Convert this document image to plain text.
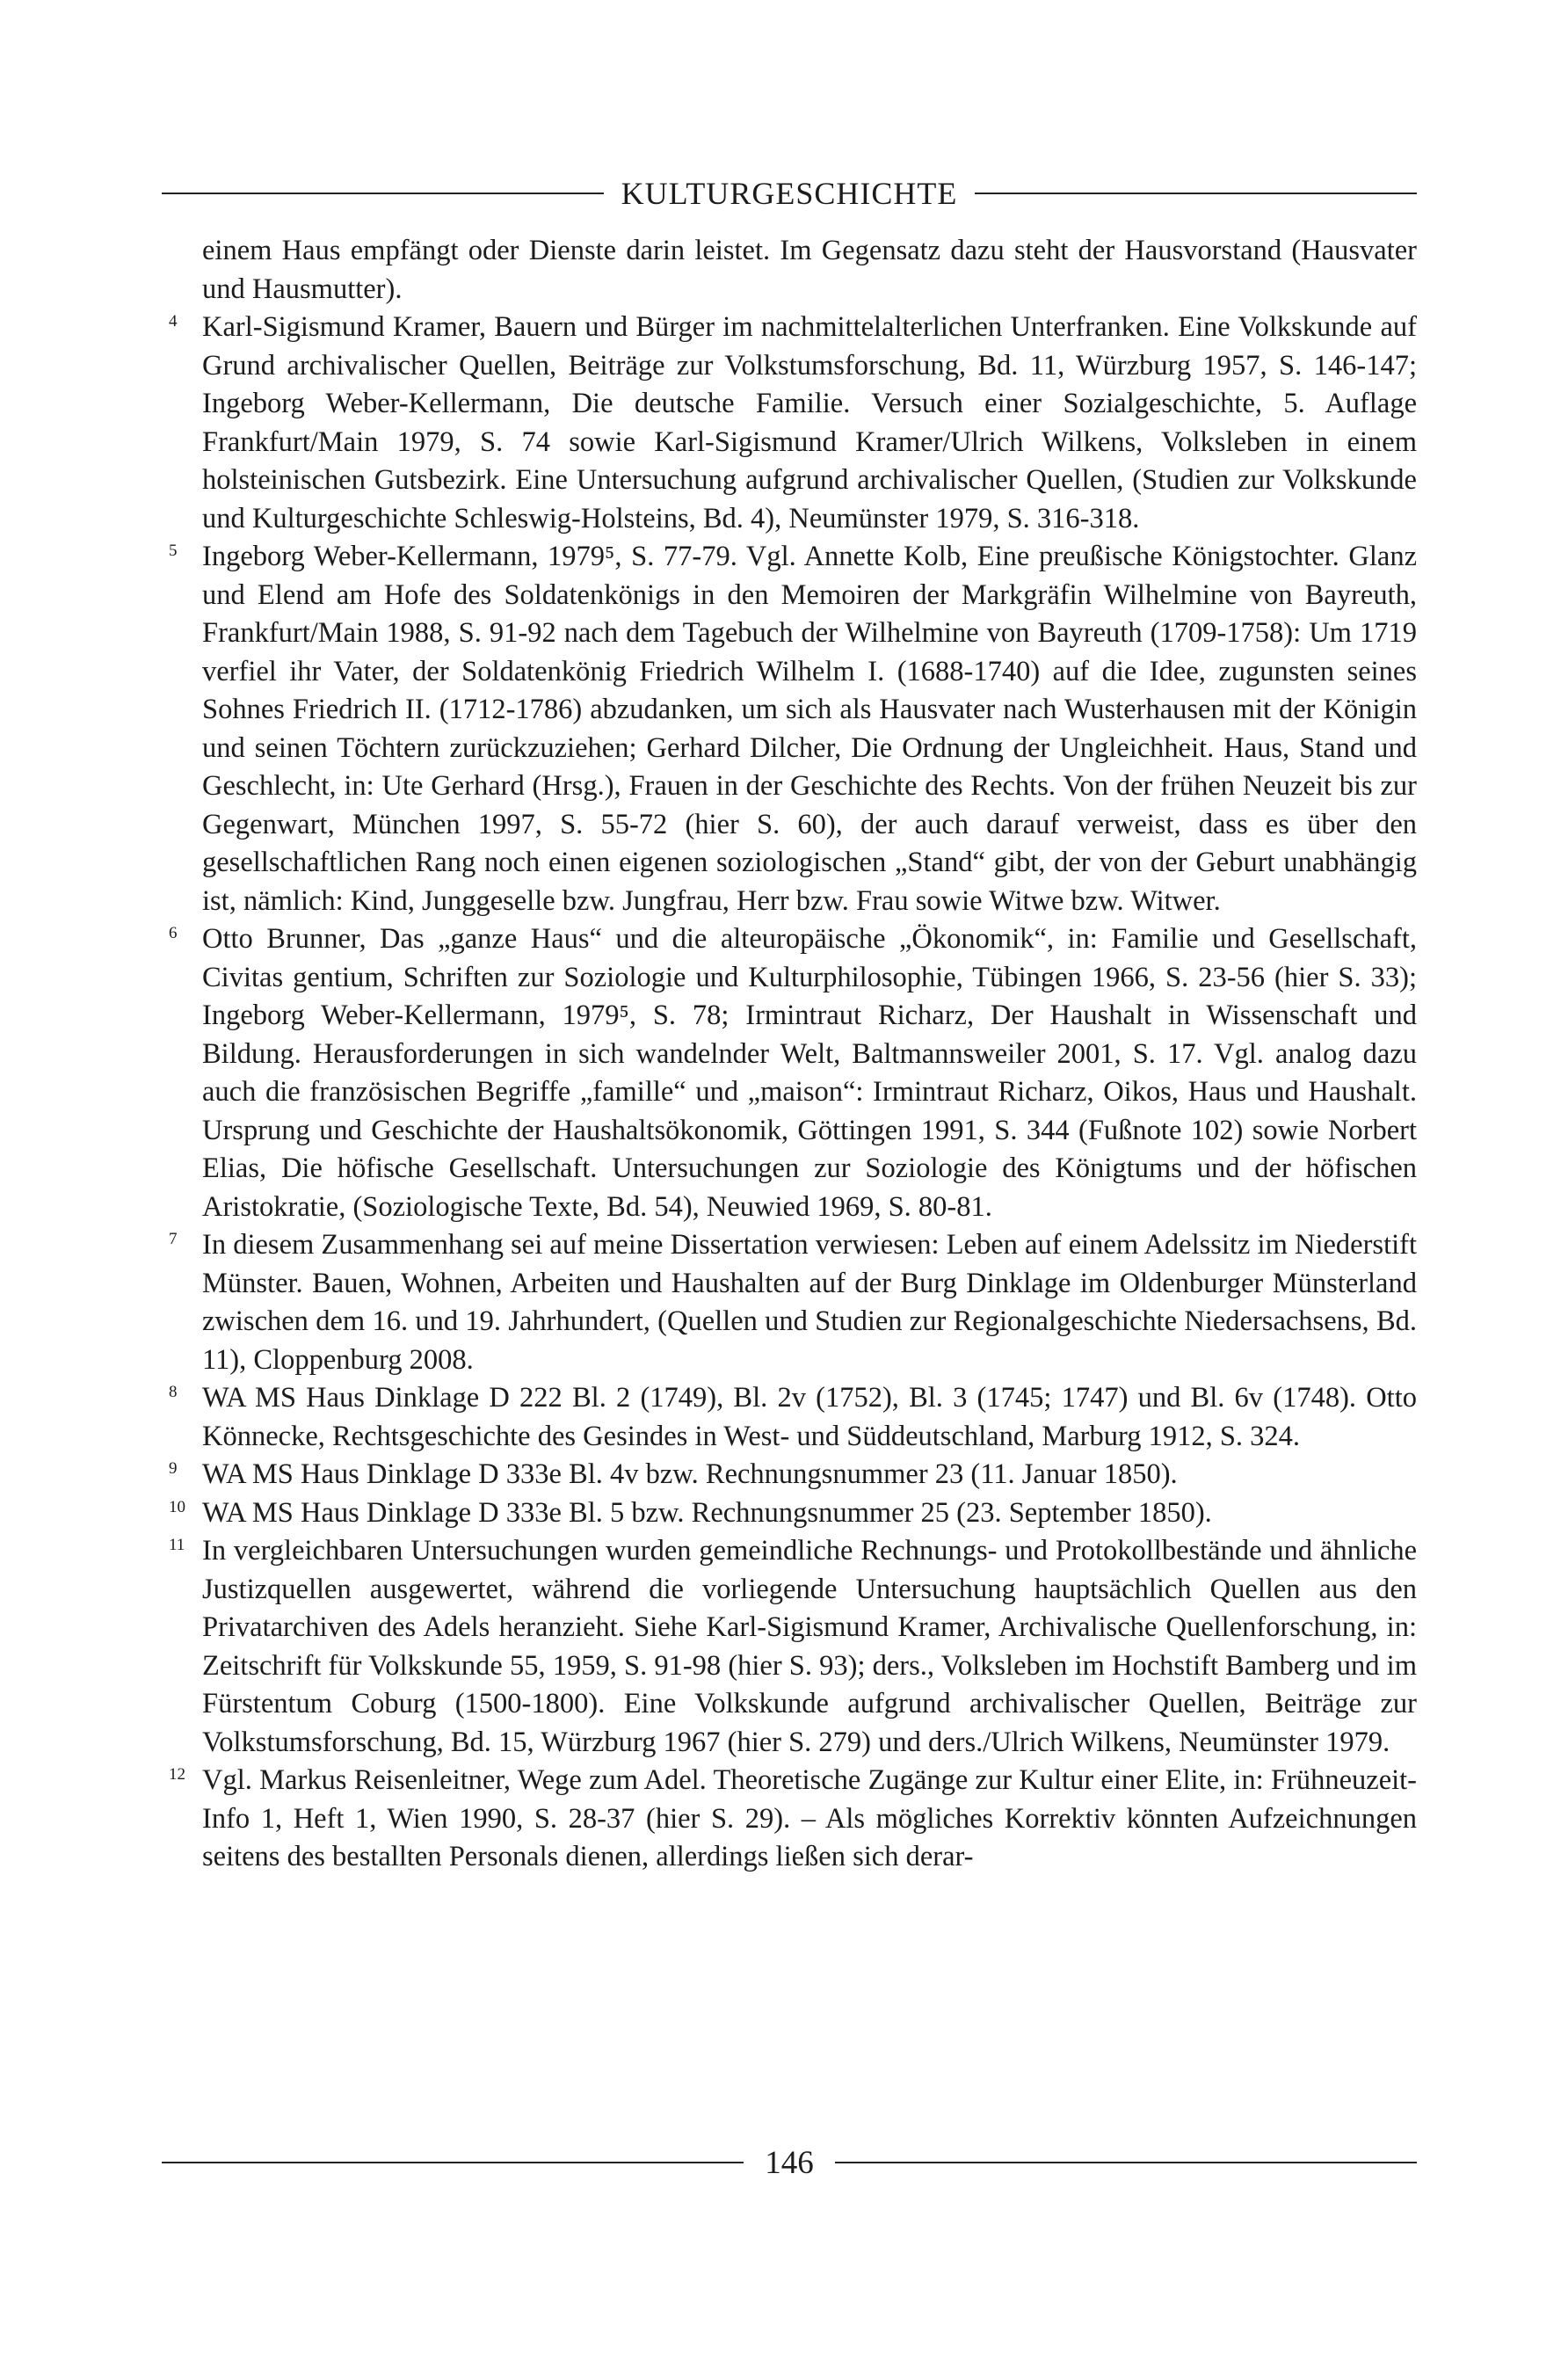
KULTURGESCHICHTE
einem Haus empfängt oder Dienste darin leistet. Im Gegensatz dazu steht der Hausvorstand (Hausvater und Hausmutter).
4 Karl-Sigismund Kramer, Bauern und Bürger im nachmittelalterlichen Unterfranken. Eine Volkskunde auf Grund archivalischer Quellen, Beiträge zur Volkstumsforschung, Bd. 11, Würzburg 1957, S. 146-147; Ingeborg Weber-Kellermann, Die deutsche Familie. Versuch einer Sozialgeschichte, 5. Auflage Frankfurt/Main 1979, S. 74 sowie Karl-Sigismund Kramer/Ulrich Wilkens, Volksleben in einem holsteinischen Gutsbezirk. Eine Untersuchung aufgrund archivalischer Quellen, (Studien zur Volkskunde und Kulturgeschichte Schleswig-Holsteins, Bd. 4), Neumünster 1979, S. 316-318.
5 Ingeborg Weber-Kellermann, 1979⁵, S. 77-79. Vgl. Annette Kolb, Eine preußische Königstochter. Glanz und Elend am Hofe des Soldatenkönigs in den Memoiren der Markgräfin Wilhelmine von Bayreuth, Frankfurt/Main 1988, S. 91-92 nach dem Tagebuch der Wilhelmine von Bayreuth (1709-1758): Um 1719 verfiel ihr Vater, der Soldatenkönig Friedrich Wilhelm I. (1688-1740) auf die Idee, zugunsten seines Sohnes Friedrich II. (1712-1786) abzudanken, um sich als Hausvater nach Wusterhausen mit der Königin und seinen Töchtern zurückzuziehen; Gerhard Dilcher, Die Ordnung der Ungleichheit. Haus, Stand und Geschlecht, in: Ute Gerhard (Hrsg.), Frauen in der Geschichte des Rechts. Von der frühen Neuzeit bis zur Gegenwart, München 1997, S. 55-72 (hier S. 60), der auch darauf verweist, dass es über den gesellschaftlichen Rang noch einen eigenen soziologischen „Stand“ gibt, der von der Geburt unabhängig ist, nämlich: Kind, Junggeselle bzw. Jungfrau, Herr bzw. Frau sowie Witwe bzw. Witwer.
6 Otto Brunner, Das „ganze Haus“ und die alteuropäische „Ökonomik“, in: Familie und Gesellschaft, Civitas gentium, Schriften zur Soziologie und Kulturphilosophie, Tübingen 1966, S. 23-56 (hier S. 33); Ingeborg Weber-Kellermann, 1979⁵, S. 78; Irmintraut Richarz, Der Haushalt in Wissenschaft und Bildung. Herausforderungen in sich wandelnder Welt, Baltmannsweiler 2001, S. 17. Vgl. analog dazu auch die französischen Begriffe „famille“ und „maison“: Irmintraut Richarz, Oikos, Haus und Haushalt. Ursprung und Geschichte der Haushaltsökonomik, Göttingen 1991, S. 344 (Fußnote 102) sowie Norbert Elias, Die höfische Gesellschaft. Untersuchungen zur Soziologie des Königtums und der höfischen Aristokratie, (Soziologische Texte, Bd. 54), Neuwied 1969, S. 80-81.
7 In diesem Zusammenhang sei auf meine Dissertation verwiesen: Leben auf einem Adelssitz im Niederstift Münster. Bauen, Wohnen, Arbeiten und Haushalten auf der Burg Dinklage im Oldenburger Münsterland zwischen dem 16. und 19. Jahrhundert, (Quellen und Studien zur Regionalgeschichte Niedersachsens, Bd. 11), Cloppenburg 2008.
8 WA MS Haus Dinklage D 222 Bl. 2 (1749), Bl. 2v (1752), Bl. 3 (1745; 1747) und Bl. 6v (1748). Otto Könnecke, Rechtsgeschichte des Gesindes in West- und Süddeutschland, Marburg 1912, S. 324.
9 WA MS Haus Dinklage D 333e Bl. 4v bzw. Rechnungsnummer 23 (11. Januar 1850).
10 WA MS Haus Dinklage D 333e Bl. 5 bzw. Rechnungsnummer 25 (23. September 1850).
11 In vergleichbaren Untersuchungen wurden gemeindliche Rechnungs- und Protokollbestände und ähnliche Justizquellen ausgewertet, während die vorliegende Untersuchung hauptsächlich Quellen aus den Privatarchiven des Adels heranzieht. Siehe Karl-Sigismund Kramer, Archivalische Quellenforschung, in: Zeitschrift für Volkskunde 55, 1959, S. 91-98 (hier S. 93); ders., Volksleben im Hochstift Bamberg und im Fürstentum Coburg (1500-1800). Eine Volkskunde aufgrund archivalischer Quellen, Beiträge zur Volkstumsforschung, Bd. 15, Würzburg 1967 (hier S. 279) und ders./Ulrich Wilkens, Neumünster 1979.
12 Vgl. Markus Reisenleitner, Wege zum Adel. Theoretische Zugänge zur Kultur einer Elite, in: Frühneuzeit-Info 1, Heft 1, Wien 1990, S. 28-37 (hier S. 29). – Als mögliches Korrektiv könnten Aufzeichnungen seitens des bestallten Personals dienen, allerdings ließen sich derar-
146
